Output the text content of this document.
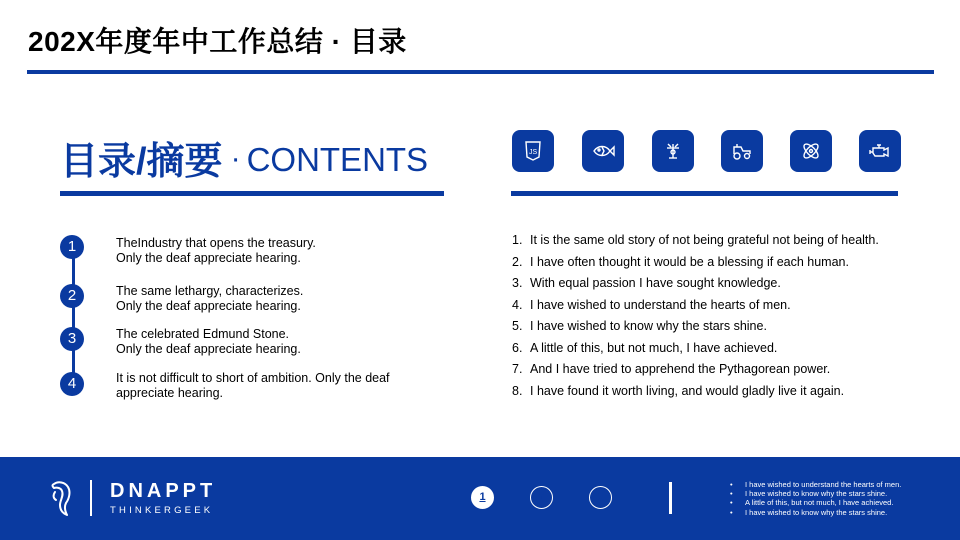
202X年度年中工作总结 · 目录
目录/摘要 · CONTENTS	JS
1	TheIndustry that opens the treasury.
Only the deaf appreciate hearing.
2	The same lethargy, characterizes.
Only the deaf appreciate hearing.
3	The celebrated Edmund Stone.
Only the deaf appreciate hearing.
4	It is not difficult to short of ambition. Only the deaf appreciate hearing.
1. It is the same old story of not being grateful not being of health.
2. I have often thought it would be a blessing if each human.
3. With equal passion I have sought knowledge.
4. I have wished to understand the hearts of men.
5. I have wished to know why the stars shine.
6. A little of this, but not much, I have achieved.
7. And I have tried to apprehend the Pythagorean power.
8. I have found it worth living, and would gladly live it again.
DNAPPT
THINKERGEEK
1	2	3
• I have wished to understand the hearts of men.
• I have wished to know why the stars shine.
• A little of this, but not much, I have achieved.
• I have wished to know why the stars shine.
